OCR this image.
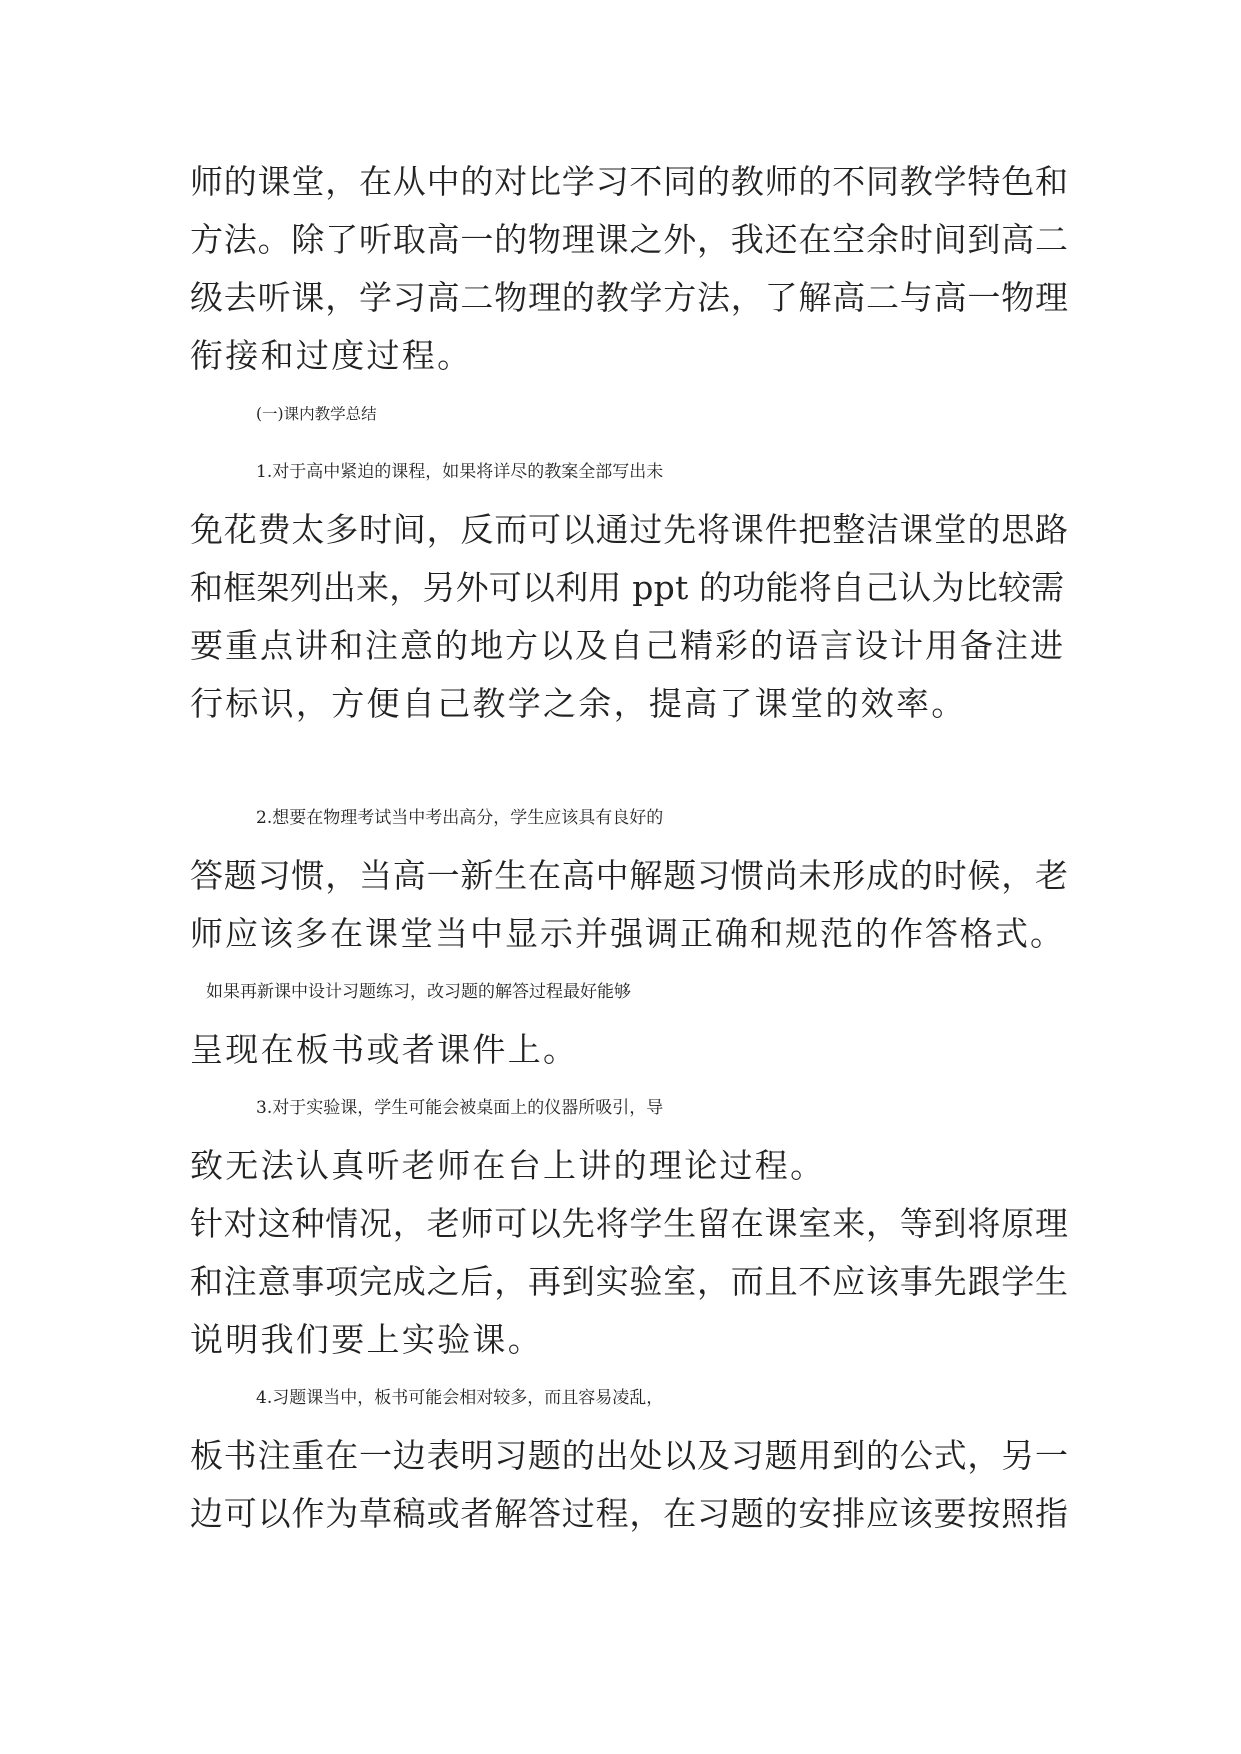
师的课堂，在从中的对比学习不同的教师的不同教学特色和
方法。除了听取高一的物理课之外，我还在空余时间到高二
级去听课，学习高二物理的教学方法，了解高二与高一物理
衔接和过度过程。
(一)课内教学总结
1.对于高中紧迫的课程，如果将详尽的教案全部写出未
免花费太多时间，反而可以通过先将课件把整洁课堂的思路
和框架列出来，另外可以利用 ppt 的功能将自己认为比较需
要重点讲和注意的地方以及自己精彩的语言设计用备注进
行标识，方便自己教学之余，提高了课堂的效率。
2.想要在物理考试当中考出高分，学生应该具有良好的
答题习惯，当高一新生在高中解题习惯尚未形成的时候，老
师应该多在课堂当中显示并强调正确和规范的作答格式。
如果再新课中设计习题练习，改习题的解答过程最好能够
呈现在板书或者课件上。
3.对于实验课，学生可能会被桌面上的仪器所吸引，导
致无法认真听老师在台上讲的理论过程。
针对这种情况，老师可以先将学生留在课室来，等到将原理
和注意事项完成之后，再到实验室，而且不应该事先跟学生
说明我们要上实验课。
4.习题课当中，板书可能会相对较多，而且容易凌乱，
板书注重在一边表明习题的出处以及习题用到的公式，另一
边可以作为草稿或者解答过程，在习题的安排应该要按照指
